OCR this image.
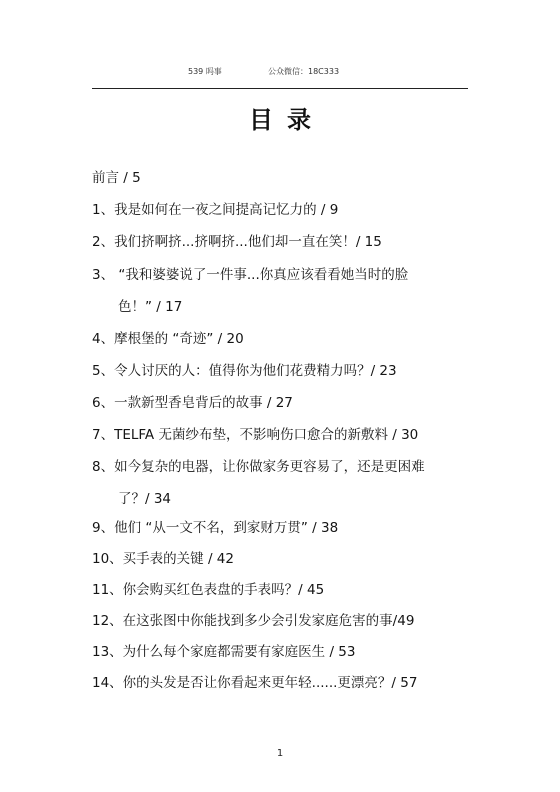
539 吗事	公众微信：18C333
目录
前言 / 5
1、我是如何在一夜之间提高记忆力的 / 9
2、我们挤啊挤...挤啊挤...他们却一直在笑！/ 15
3、 “我和婆婆说了一件事...你真应该看看她当时的脸
色！” / 17
4、摩根堡的 “奇迹” / 20
5、令人讨厌的人：值得你为他们花费精力吗？/ 23
6、一款新型香皂背后的故事 / 27
7、TELFA 无菌纱布垫，不影响伤口愈合的新敷料 / 30
8、如今复杂的电器，让你做家务更容易了，还是更困难
了？/ 34
9、他们 “从一文不名，到家财万贯” / 38
10、买手表的关键 / 42
11、你会购买红色表盘的手表吗？/ 45
12、在这张图中你能找到多少会引发家庭危害的事/49
13、为什么每个家庭都需要有家庭医生 / 53
14、你的头发是否让你看起来更年轻......更漂亮？/ 57
1
